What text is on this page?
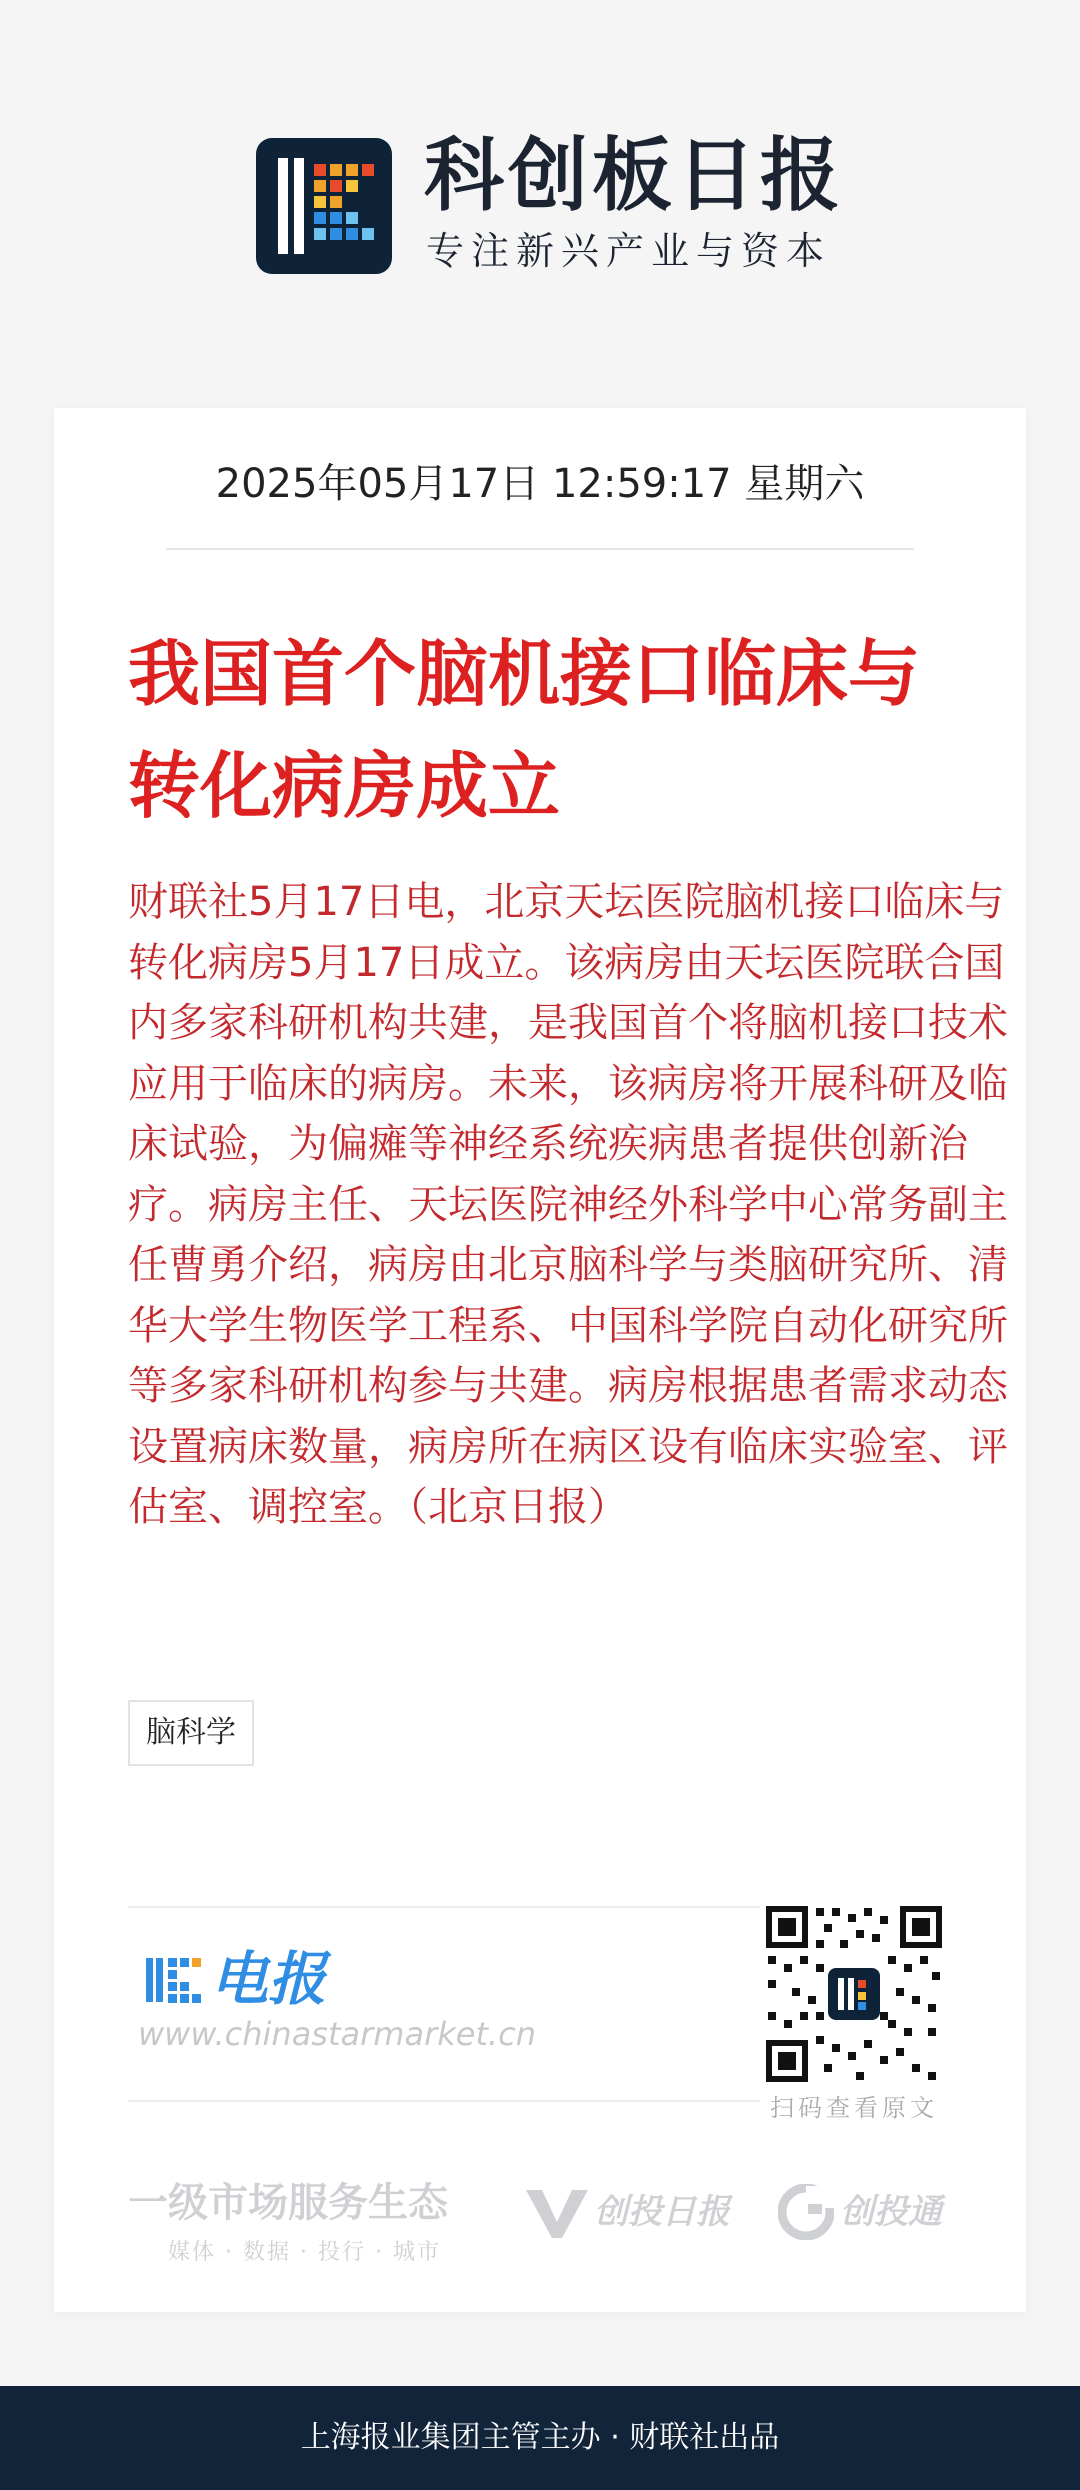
科创板日报
专注新兴产业与资本
2025年05月17日 12:59:17 星期六
我国首个脑机接口临床与转化病房成立

财联社5月17日电，北京天坛医院脑机接口临床与转化病房5月17日成立。该病房由天坛医院联合国内多家科研机构共建，是我国首个将脑机接口技术应用于临床的病房。未来，该病房将开展科研及临床试验，为偏瘫等神经系统疾病患者提供创新治疗。病房主任、天坛医院神经外科学中心常务副主任曹勇介绍，病房由北京脑科学与类脑研究所、清华大学生物医学工程系、中国科学院自动化研究所等多家科研机构参与共建。病房根据患者需求动态设置病床数量，病房所在病区设有临床实验室、评估室、调控室。（北京日报）

脑科学
电报
www.chinastarmarket.cn
扫码查看原文
一级市场服务生态
媒体 · 数据 · 投行 · 城市
创投日报	创投通
上海报业集团主管主办 · 财联社出品
